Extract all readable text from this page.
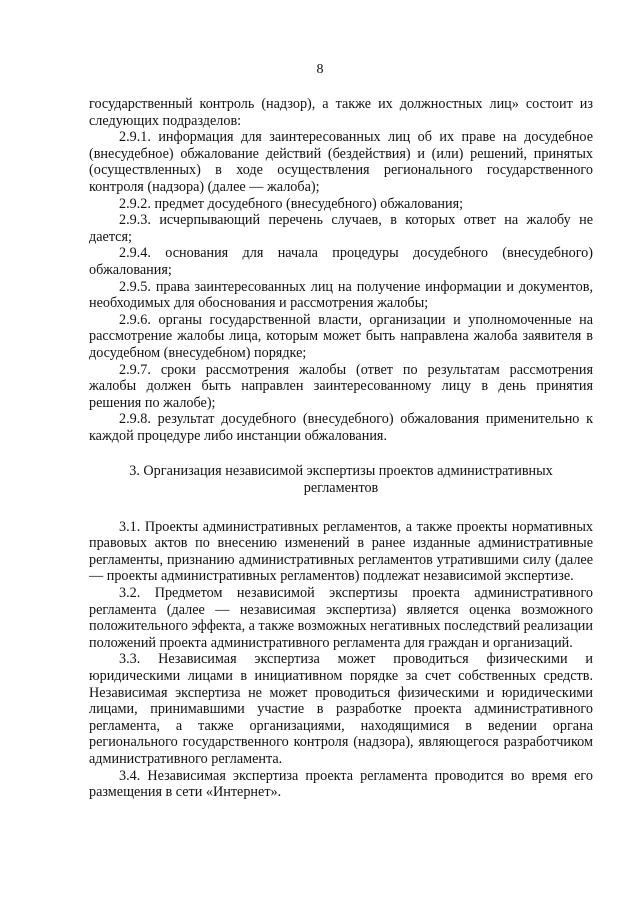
8

государственный контроль (надзор), а также их должностных лиц» состоит из следующих подразделов:

2.9.1. информация для заинтересованных лиц об их праве на досудебное (внесудебное) обжалование действий (бездействия) и (или) решений, принятых (осуществленных) в ходе осуществления регионального государственного контроля (надзора) (далее — жалоба);

2.9.2. предмет досудебного (внесудебного) обжалования;

2.9.3. исчерпывающий перечень случаев, в которых ответ на жалобу не дается;

2.9.4. основания для начала процедуры досудебного (внесудебного) обжалования;

2.9.5. права заинтересованных лиц на получение информации и документов, необходимых для обоснования и рассмотрения жалобы;

2.9.6. органы государственной власти, организации и уполномоченные на рассмотрение жалобы лица, которым может быть направлена жалоба заявителя в досудебном (внесудебном) порядке;

2.9.7. сроки рассмотрения жалобы (ответ по результатам рассмотрения жалобы должен быть направлен заинтересованному лицу в день принятия решения по жалобе);

2.9.8. результат досудебного (внесудебного) обжалования применительно к каждой процедуре либо инстанции обжалования.

3. Организация независимой экспертизы проектов административных регламентов

3.1. Проекты административных регламентов, а также проекты нормативных правовых актов по внесению изменений в ранее изданные административные регламенты, признанию административных регламентов утратившими силу (далее — проекты административных регламентов) подлежат независимой экспертизе.

3.2. Предметом независимой экспертизы проекта административного регламента (далее — независимая экспертиза) является оценка возможного положительного эффекта, а также возможных негативных последствий реализации положений проекта административного регламента для граждан и организаций.

3.3. Независимая экспертиза может проводиться физическими и юридическими лицами в инициативном порядке за счет собственных средств. Независимая экспертиза не может проводиться физическими и юридическими лицами, принимавшими участие в разработке проекта административного регламента, а также организациями, находящимися в ведении органа регионального государственного контроля (надзора), являющегося разработчиком административного регламента.

3.4. Независимая экспертиза проекта регламента проводится во время его размещения в сети «Интернет».
